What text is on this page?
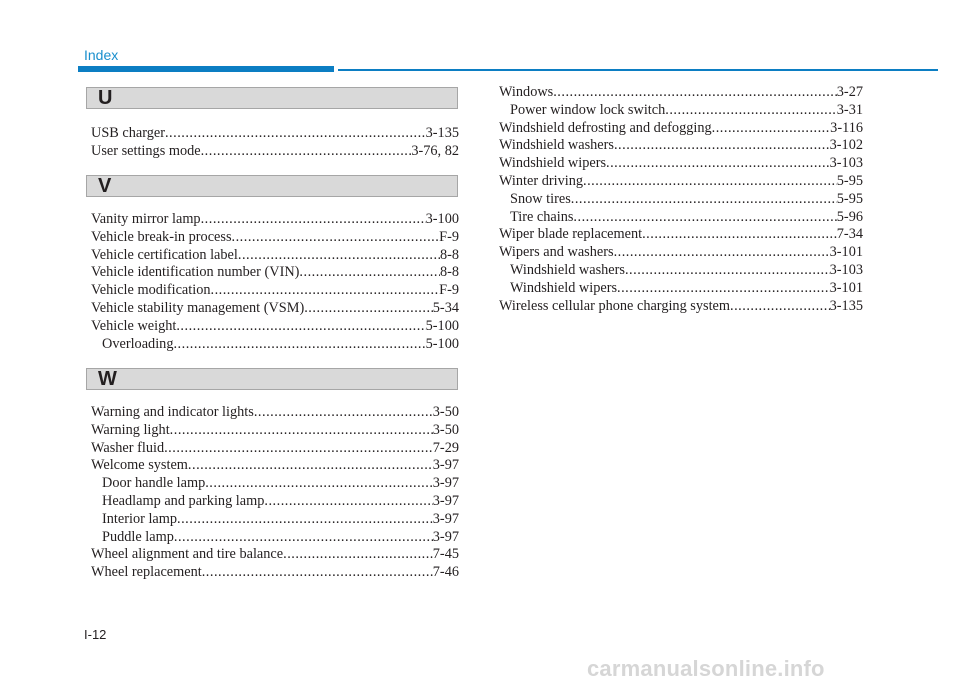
Index
U
USB charger .....	3-135
User settings mode .....	3-76, 82
V
Vanity mirror lamp .....	3-100
Vehicle break-in process .....	F-9
Vehicle certification label .....	8-8
Vehicle identification number (VIN) .....	8-8
Vehicle modification .....	F-9
Vehicle stability management (VSM) .....	5-34
Vehicle weight .....	5-100
Overloading .....	5-100
W
Warning and indicator lights .....	3-50
Warning light .....	3-50
Washer fluid .....	7-29
Welcome system .....	3-97
Door handle lamp .....	3-97
Headlamp and parking lamp .....	3-97
Interior lamp .....	3-97
Puddle lamp .....	3-97
Wheel alignment and tire balance .....	7-45
Wheel replacement .....	7-46
Windows .....	3-27
Power window lock switch .....	3-31
Windshield defrosting and defogging .....	3-116
Windshield washers .....	3-102
Windshield wipers .....	3-103
Winter driving .....	5-95
Snow tires .....	5-95
Tire chains .....	5-96
Wiper blade replacement .....	7-34
Wipers and washers .....	3-101
Windshield washers .....	3-103
Windshield wipers .....	3-101
Wireless cellular phone charging system .....	3-135
I-12
carmanualsonline.info
